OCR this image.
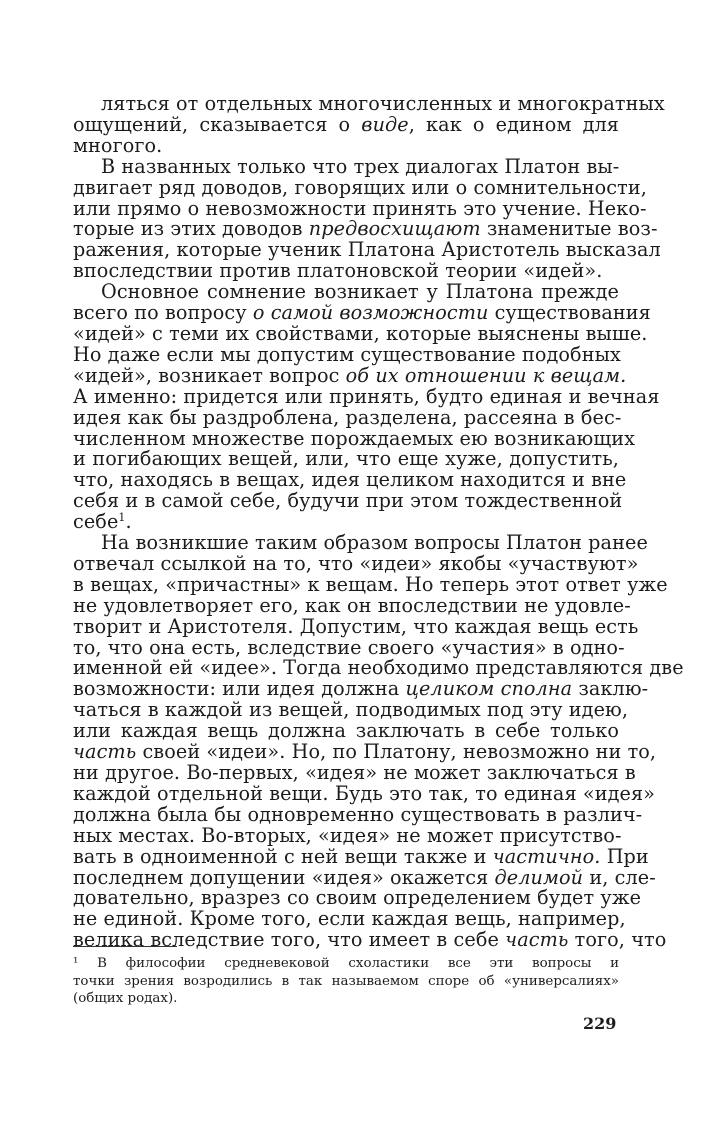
ляться от отдельных многочисленных и многократных
ощущений, сказывается о виде, как о едином для
многого.
В названных только что трех диалогах Платон вы-
двигает ряд доводов, говорящих или о сомнительности,
или прямо о невозможности принять это учение. Неко-
торые из этих доводов предвосхищают знаменитые воз-
ражения, которые ученик Платона Аристотель высказал
впоследствии против платоновской теории «идей».
Основное сомнение возникает у Платона прежде
всего по вопросу о самой возможности существования
«идей» с теми их свойствами, которые выяснены выше.
Но даже если мы допустим существование подобных
«идей», возникает вопрос об их отношении к вещам.
А именно: придется или принять, будто единая и вечная
идея как бы раздроблена, разделена, рассеяна в бес-
численном множестве порождаемых ею возникающих
и погибающих вещей, или, что еще хуже, допустить,
что, находясь в вещах, идея целиком находится и вне
себя и в самой себе, будучи при этом тождественной
себе$^1$.
На возникшие таким образом вопросы Платон ранее
отвечал ссылкой на то, что «идеи» якобы «участвуют»
в вещах, «причастны» к вещам. Но теперь этот ответ уже
не удовлетворяет его, как он впоследствии не удовле-
творит и Аристотеля. Допустим, что каждая вещь есть
то, что она есть, вследствие своего «участия» в одно-
именной ей «идее». Тогда необходимо представляются две
возможности: или идея должна целиком сполна заклю-
чаться в каждой из вещей, подводимых под эту идею,
или каждая вещь должна заключать в себе только
часть своей «идеи». Но, по Платону, невозможно ни то,
ни другое. Во-первых, «идея» не может заключаться в
каждой отдельной вещи. Будь это так, то единая «идея»
должна была бы одновременно существовать в различ-
ных местах. Во-вторых, «идея» не может присутство-
вать в одноименной с ней вещи также и частично. При
последнем допущении «идея» окажется делимой и, сле-
довательно, вразрез со своим определением будет уже
не единой. Кроме того, если каждая вещь, например,
велика вследствие того, что имеет в себе часть того, что
¹ В философии средневековой схоластики все эти вопросы и
точки зрения возродились в так называемом споре об «универсалиях»
(общих родах).
229
